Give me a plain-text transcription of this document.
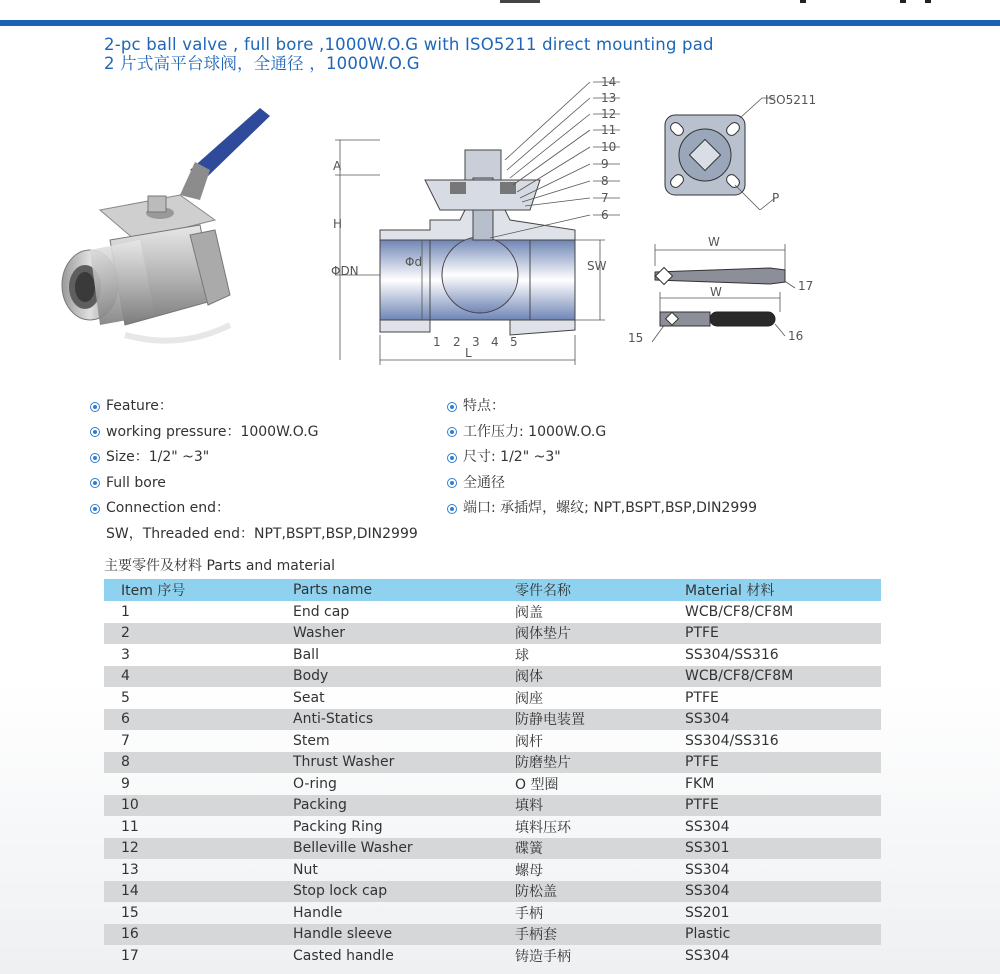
2-pc ball valve , full bore ,1000W.O.G with ISO5211 direct mounting pad
2 片式高平台球阀，全通径 ，1000W.O.G
14
13
12
11
10
9
8
7
6
1 2 3 4 5
A
H
ΦDN
Φd	SW
L
ISO5211
P
W
17
W
15	16
Feature：
working pressure：1000W.O.G
Size：1/2" ~3"
Full bore
Connection end：
SW，Threaded end：NPT,BSPT,BSP,DIN2999
特点：
工作压力: 1000W.O.G
尺寸: 1/2" ~3"
全通径
端口: 承插焊，螺纹; NPT,BSPT,BSP,DIN2999
主要零件及材料 Parts and material
Item 序号	Parts name	零件名称	Material 材料
1	End cap	阀盖	WCB/CF8/CF8M
2	Washer	阀体垫片	PTFE
3	Ball	球	SS304/SS316
4	Body	阀体	WCB/CF8/CF8M
5	Seat	阀座	PTFE
6	Anti-Statics	防静电装置	SS304
7	Stem	阀杆	SS304/SS316
8	Thrust Washer	防磨垫片	PTFE
9	O-ring	O 型圈	FKM
10	Packing	填料	PTFE
11	Packing Ring	填料压环	SS304
12	Belleville Washer	碟簧	SS301
13	Nut	螺母	SS304
14	Stop lock cap	防松盖	SS304
15	Handle	手柄	SS201
16	Handle sleeve	手柄套	Plastic
17	Casted handle	铸造手柄	SS304
